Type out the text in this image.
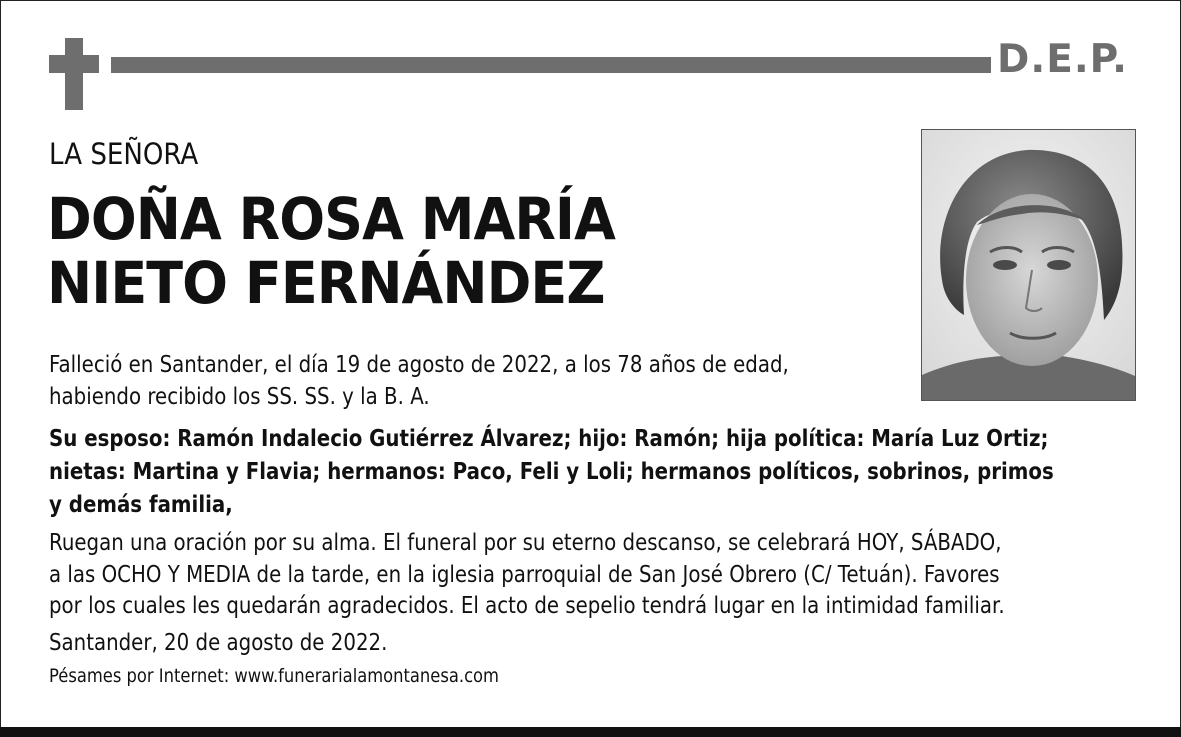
D.E.P.
LA SEÑORA
DOÑA ROSA MARÍA
NIETO FERNÁNDEZ
Falleció en Santander, el día 19 de agosto de 2022, a los 78 años de edad,
habiendo recibido los SS. SS. y la B. A.
Su esposo: Ramón Indalecio Gutiérrez Álvarez; hijo: Ramón; hija política: María Luz Ortiz;
nietas: Martina y Flavia; hermanos: Paco, Feli y Loli; hermanos políticos, sobrinos, primos
y demás familia,
Ruegan una oración por su alma. El funeral por su eterno descanso, se celebrará HOY, SÁBADO,
a las OCHO Y MEDIA de la tarde, en la iglesia parroquial de San José Obrero (C/ Tetuán). Favores
por los cuales les quedarán agradecidos. El acto de sepelio tendrá lugar en la intimidad familiar.
Santander, 20 de agosto de 2022.
Pésames por Internet: www.funerarialamontanesa.com
